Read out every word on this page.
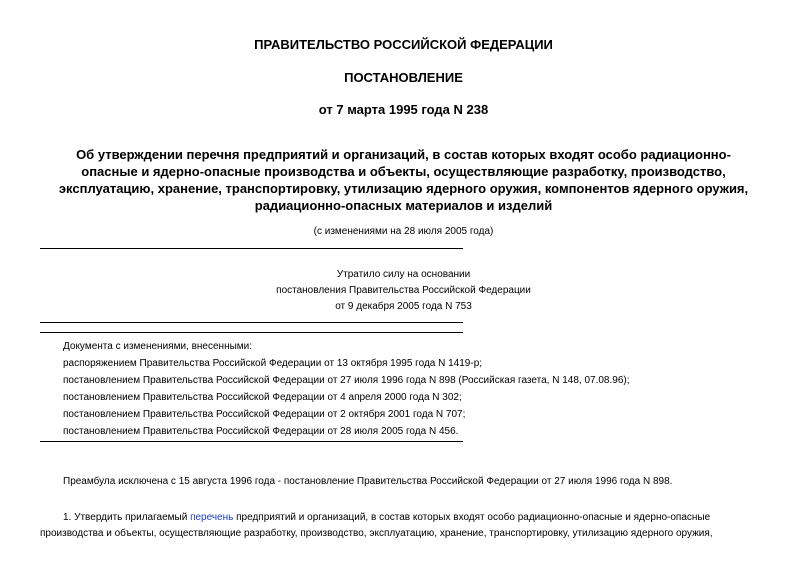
ПРАВИТЕЛЬСТВО РОССИЙСКОЙ ФЕДЕРАЦИИ
ПОСТАНОВЛЕНИЕ
от 7 марта 1995 года N 238
Об утверждении перечня предприятий и организаций, в состав которых входят особо радиационно-
опасные и ядерно-опасные производства и объекты, осуществляющие разработку, производство,
эксплуатацию, хранение, транспортировку, утилизацию ядерного оружия, компонентов ядерного оружия,
радиационно-опасных материалов и изделий
(с изменениями на 28 июля 2005 года)
Утратило силу на основании
постановления Правительства Российской Федерации
от 9 декабря 2005 года N 753
Документа с изменениями, внесенными:
распоряжением Правительства Российской Федерации от 13 октября 1995 года N 1419-р;
постановлением Правительства Российской Федерации от 27 июля 1996 года N 898 (Российская газета, N 148, 07.08.96);
постановлением Правительства Российской Федерации от 4 апреля 2000 года N 302;
постановлением Правительства Российской Федерации от 2 октября 2001 года N 707;
постановлением Правительства Российской Федерации от 28 июля 2005 года N 456.
Преамбула исключена с 15 августа 1996 года - постановление Правительства Российской Федерации от 27 июля 1996 года N 898.
1. Утвердить прилагаемый перечень предприятий и организаций, в состав которых входят особо радиационно-опасные и ядерно-опасные
производства и объекты, осуществляющие разработку, производство, эксплуатацию, хранение, транспортировку, утилизацию ядерного оружия,
